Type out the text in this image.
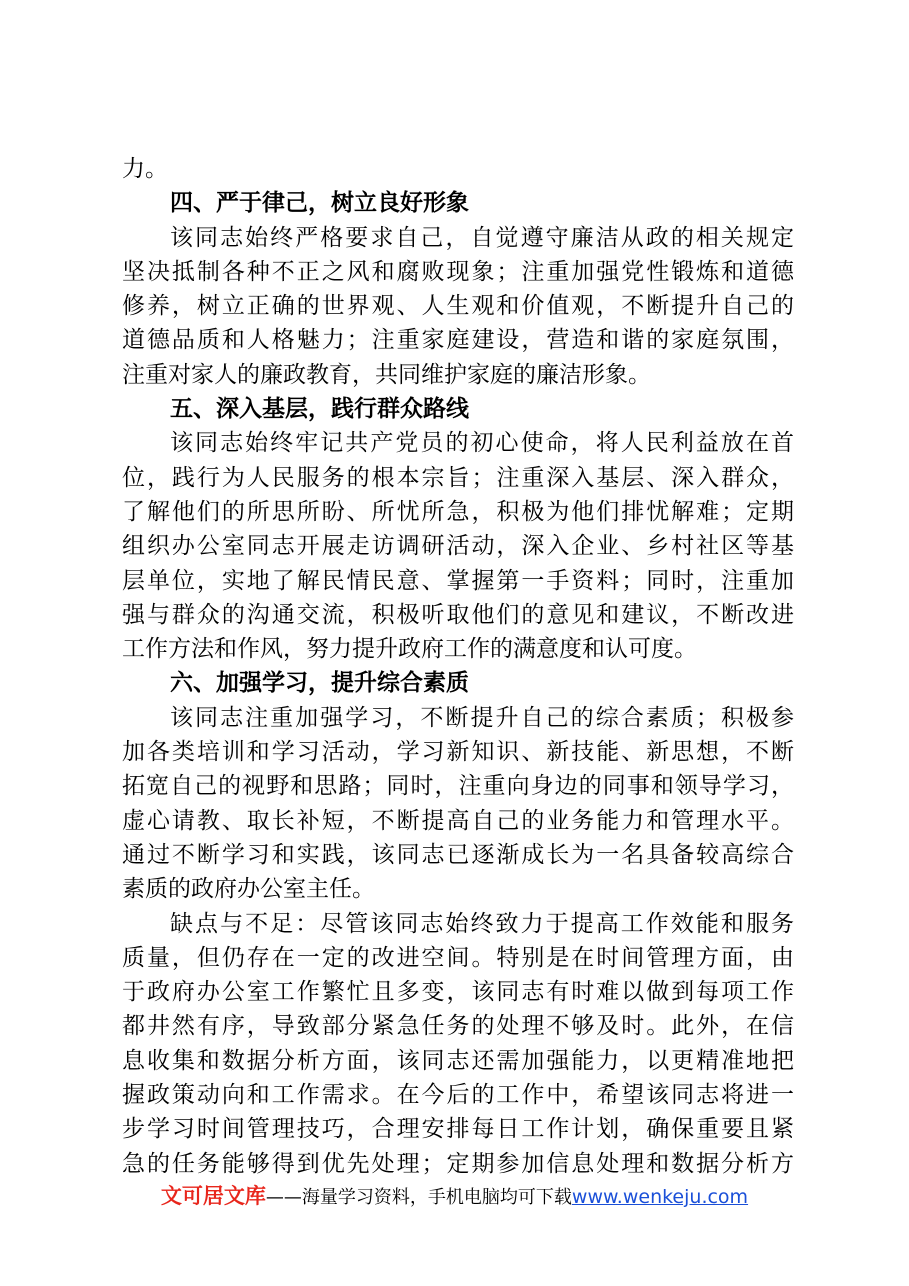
力。
四、严于律己，树立良好形象
该同志始终严格要求自己，自觉遵守廉洁从政的相关规定
坚决抵制各种不正之风和腐败现象；注重加强党性锻炼和道德
修养，树立正确的世界观、人生观和价值观，不断提升自己的
道德品质和人格魅力；注重家庭建设，营造和谐的家庭氛围，
注重对家人的廉政教育，共同维护家庭的廉洁形象。
五、深入基层，践行群众路线
该同志始终牢记共产党员的初心使命，将人民利益放在首
位，践行为人民服务的根本宗旨；注重深入基层、深入群众，
了解他们的所思所盼、所忧所急，积极为他们排忧解难；定期
组织办公室同志开展走访调研活动，深入企业、乡村社区等基
层单位，实地了解民情民意、掌握第一手资料；同时，注重加
强与群众的沟通交流，积极听取他们的意见和建议，不断改进
工作方法和作风，努力提升政府工作的满意度和认可度。
六、加强学习，提升综合素质
该同志注重加强学习，不断提升自己的综合素质；积极参
加各类培训和学习活动，学习新知识、新技能、新思想，不断
拓宽自己的视野和思路；同时，注重向身边的同事和领导学习，
虚心请教、取长补短，不断提高自己的业务能力和管理水平。
通过不断学习和实践，该同志已逐渐成长为一名具备较高综合
素质的政府办公室主任。
缺点与不足：尽管该同志始终致力于提高工作效能和服务
质量，但仍存在一定的改进空间。特别是在时间管理方面，由
于政府办公室工作繁忙且多变，该同志有时难以做到每项工作
都井然有序，导致部分紧急任务的处理不够及时。此外，在信
息收集和数据分析方面，该同志还需加强能力，以更精准地把
握政策动向和工作需求。在今后的工作中，希望该同志将进一
步学习时间管理技巧，合理安排每日工作计划，确保重要且紧
急的任务能够得到优先处理；定期参加信息处理和数据分析方
文可居文库——海量学习资料，手机电脑均可下载www.wenkeju.com
